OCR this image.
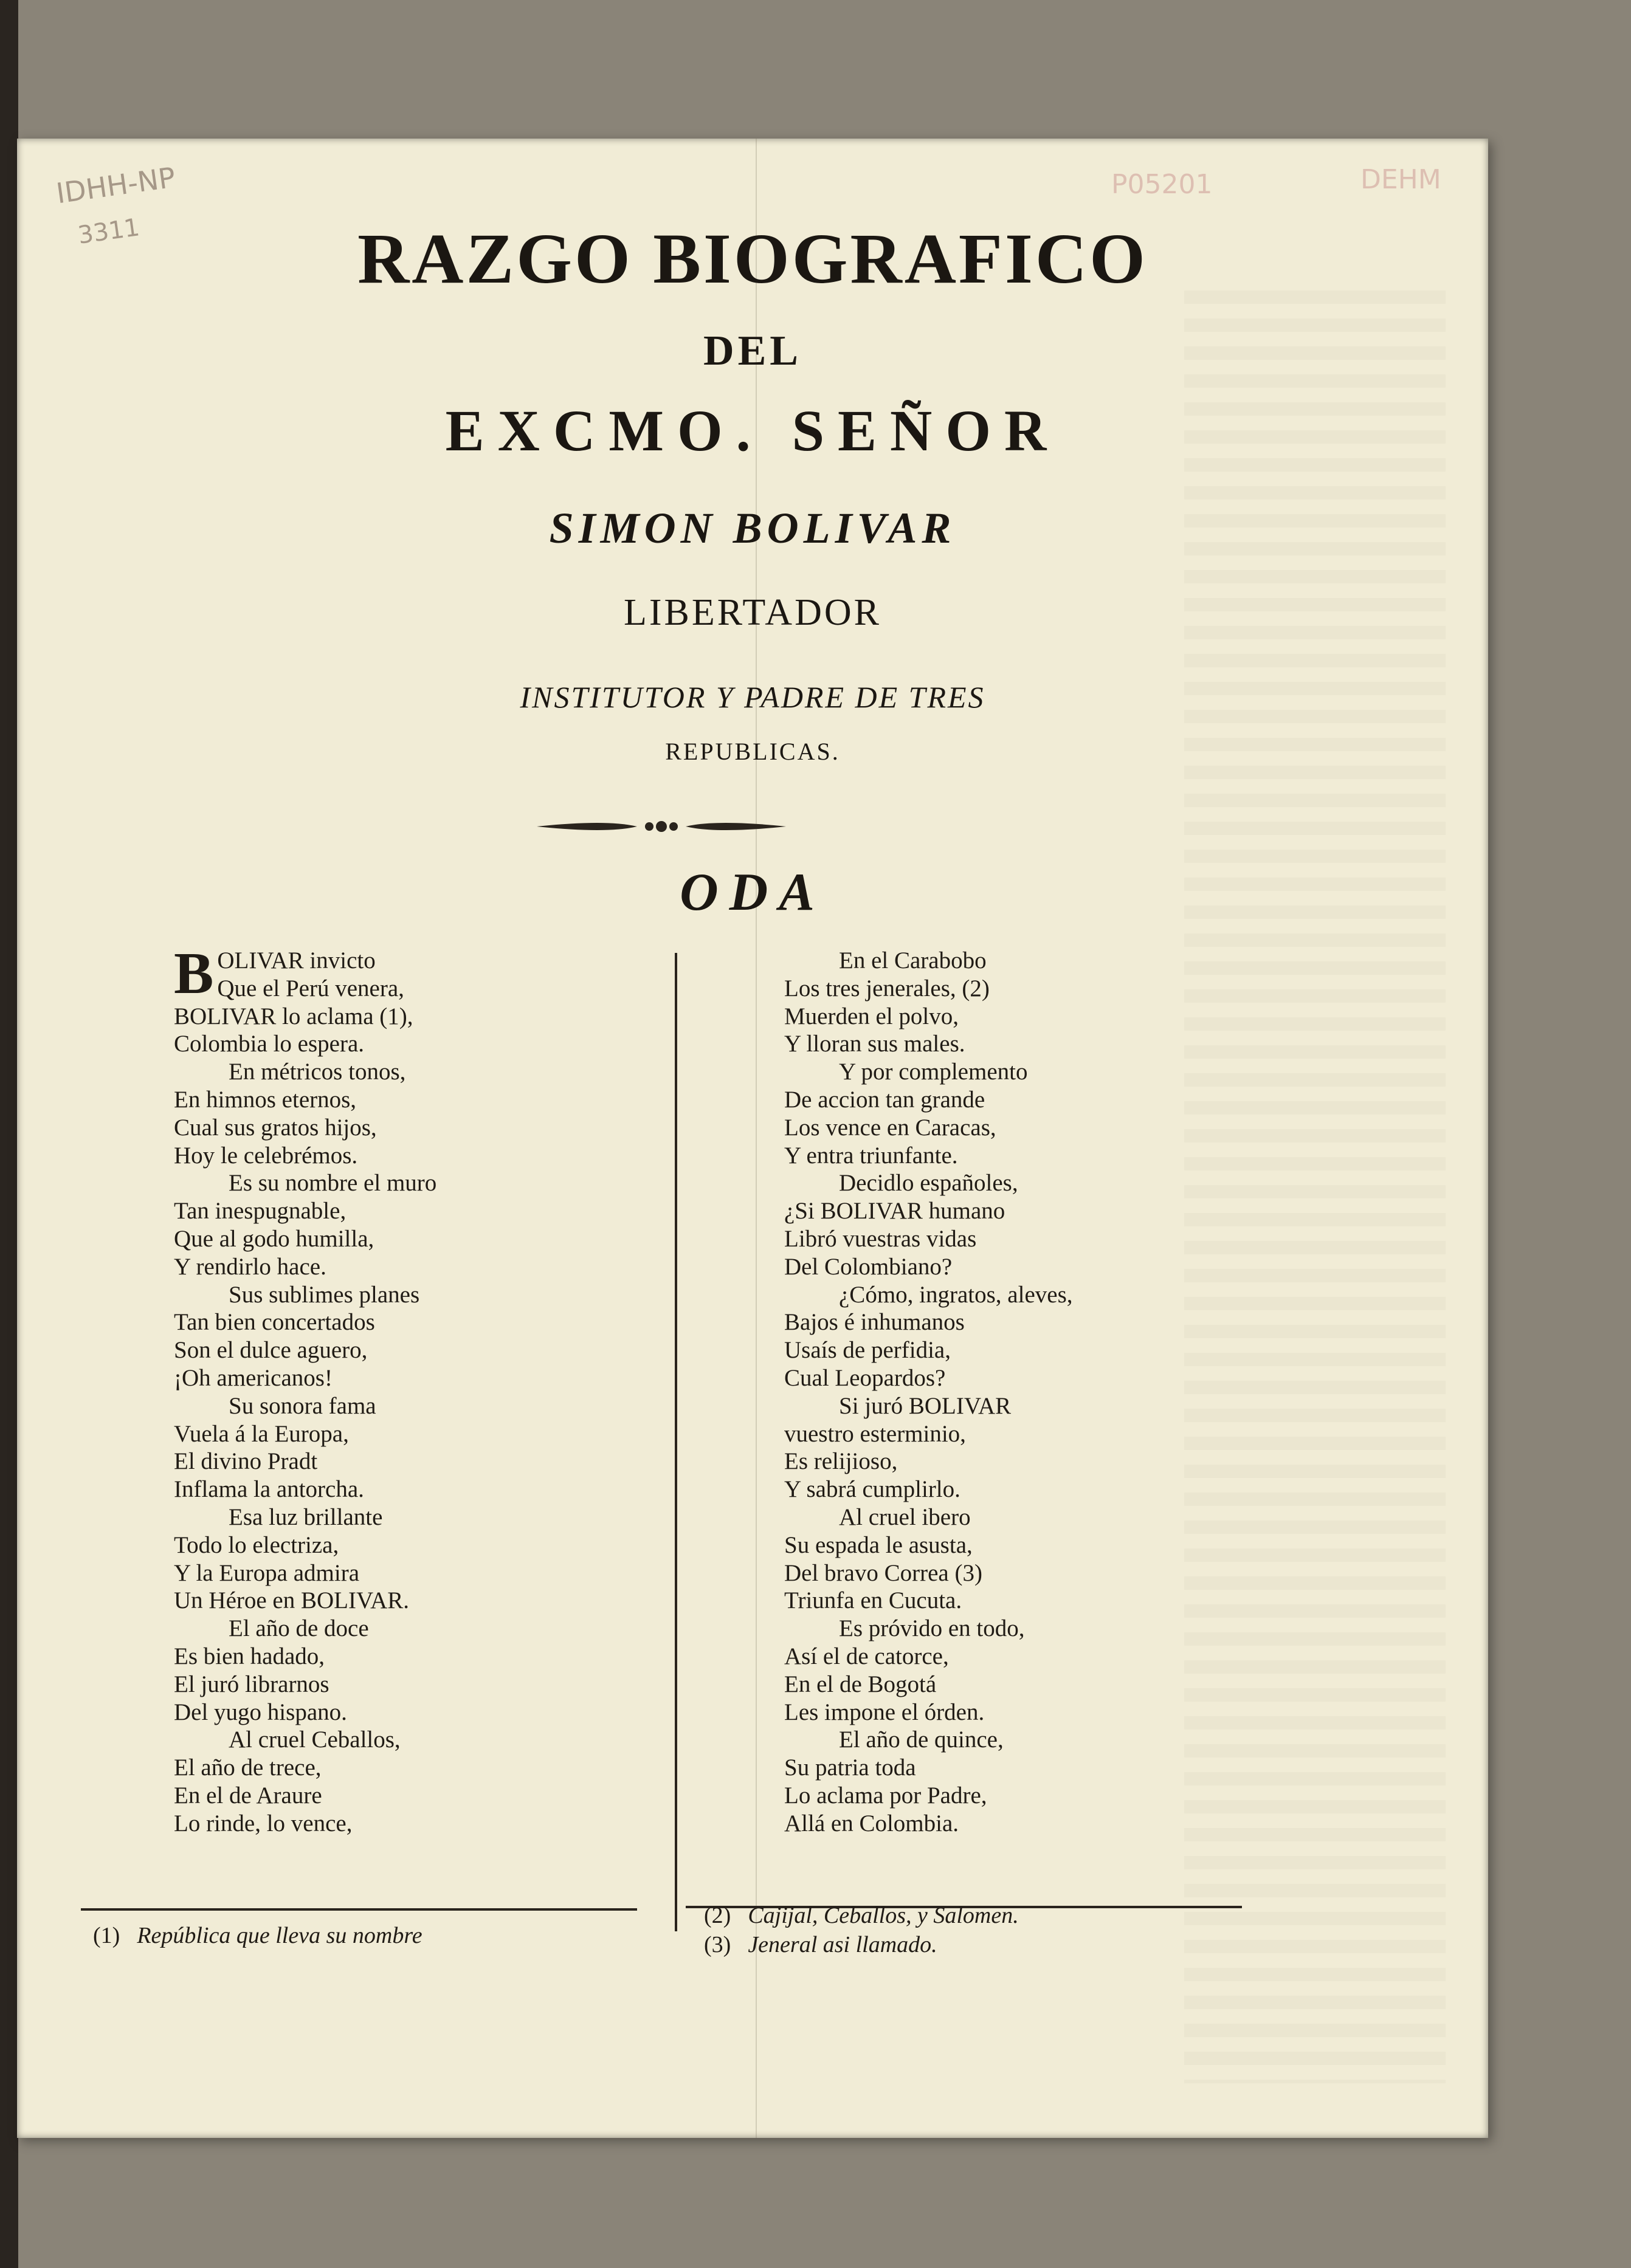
IDHH-NP
3311
P05201	DEHM
RAZGO BIOGRAFICO
DEL
EXCMO. SEÑOR
SIMON BOLIVAR
LIBERTADOR
INSTITUTOR Y PADRE DE TRES
REPUBLICAS.
ODA
B OLIVAR invicto
Que el Perú venera,
BOLIVAR lo aclama (1),
Colombia lo espera.
En métricos tonos,
En himnos eternos,
Cual sus gratos hijos,
Hoy le celebrémos.
Es su nombre el muro
Tan inespugnable,
Que al godo humilla,
Y rendirlo hace.
Sus sublimes planes
Tan bien concertados
Son el dulce aguero,
¡Oh americanos!
Su sonora fama
Vuela á la Europa,
El divino Pradt
Inflama la antorcha.
Esa luz brillante
Todo lo electriza,
Y la Europa admira
Un Héroe en BOLIVAR.
El año de doce
Es bien hadado,
El juró librarnos
Del yugo hispano.
Al cruel Ceballos,
El año de trece,
En el de Araure
Lo rinde, lo vence,
En el Carabobo
Los tres jenerales, (2)
Muerden el polvo,
Y lloran sus males.
Y por complemento
De accion tan grande
Los vence en Caracas,
Y entra triunfante.
Decidlo españoles,
¿Si BOLIVAR humano
Libró vuestras vidas
Del Colombiano?
¿Cómo, ingratos, aleves,
Bajos é inhumanos
Usaís de perfidia,
Cual Leopardos?
Si juró BOLIVAR
vuestro esterminio,
Es relijioso,
Y sabrá cumplirlo.
Al cruel ibero
Su espada le asusta,
Del bravo Correa (3)
Triunfa en Cucuta.
Es próvido en todo,
Así el de catorce,
En el de Bogotá
Les impone el órden.
El año de quince,
Su patria toda
Lo aclama por Padre,
Allá en Colombia.
(1) República que lleva su nombre
(2) Cajijal, Ceballos, y Salomen.
(3) Jeneral asi llamado.
